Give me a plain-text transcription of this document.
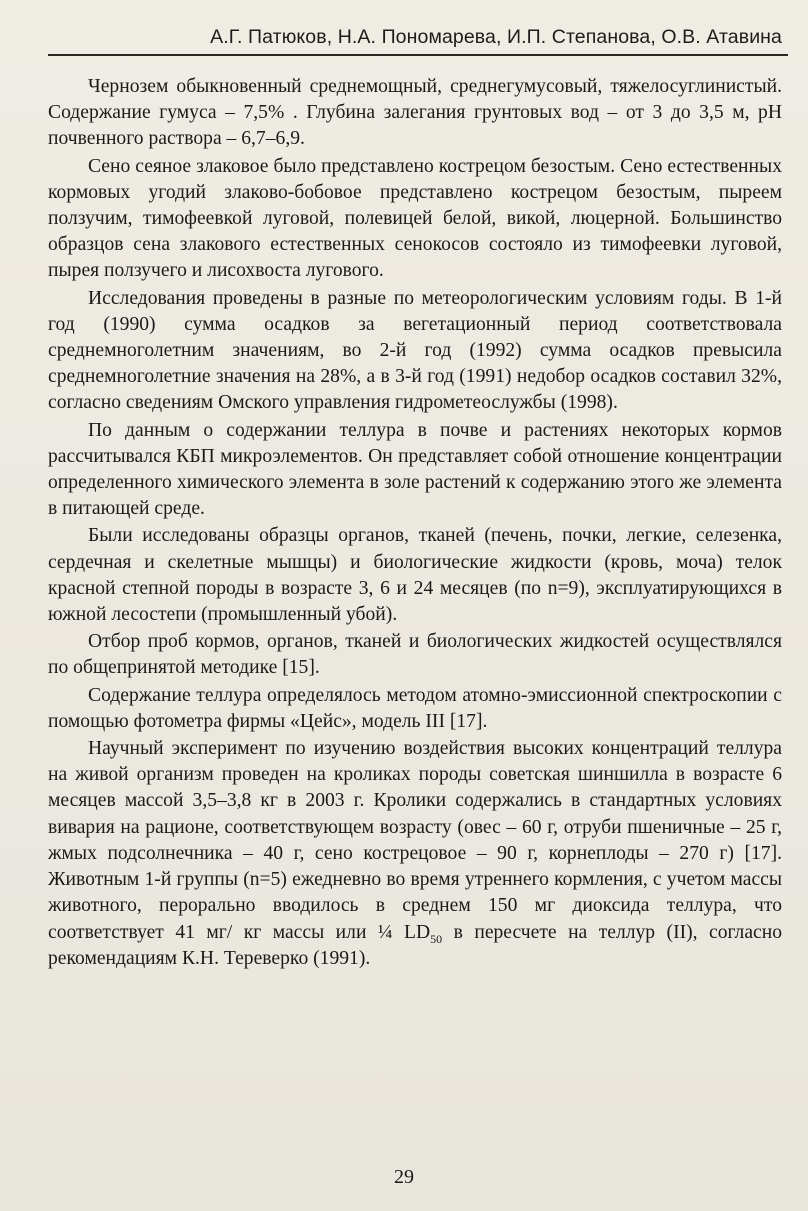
А.Г. Патюков, Н.А. Пономарева, И.П. Степанова, О.В. Атавина

Чернозем обыкновенный среднемощный, среднегумусовый, тяжелосуглинистый. Содержание гумуса – 7,5% . Глубина залегания грунтовых вод – от 3 до 3,5 м, pH почвенного раствора – 6,7–6,9.

Сено сеяное злаковое было представлено кострецом безостым. Сено естественных кормовых угодий злаково-бобовое представлено кострецом безостым, пыреем ползучим, тимофеевкой луговой, полевицей белой, викой, люцерной. Большинство образцов сена злакового естественных сенокосов состояло из тимофеевки луговой, пырея ползучего и лисохвоста лугового.

Исследования проведены в разные по метеорологическим условиям годы. В 1-й год (1990) сумма осадков за вегетационный период соответствовала среднемноголетним значениям, во 2-й год (1992) сумма осадков превысила среднемноголетние значения на 28%, а в 3-й год (1991) недобор осадков составил 32%, согласно сведениям Омского управления гидрометеослужбы (1998).

По данным о содержании теллура в почве и растениях некоторых кормов рассчитывался КБП микроэлементов. Он представляет собой отношение концентрации определенного химического элемента в золе растений к содержанию этого же элемента в питающей среде.

Были исследованы образцы органов, тканей (печень, почки, легкие, селезенка, сердечная и скелетные мышцы) и биологические жидкости (кровь, моча) телок красной степной породы в возрасте 3, 6 и 24 месяцев (по n=9), эксплуатирующихся в южной лесостепи (промышленный убой).

Отбор проб кормов, органов, тканей и биологических жидкостей осуществлялся по общепринятой методике [15].

Содержание теллура определялось методом атомно-эмиссионной спектроскопии с помощью фотометра фирмы «Цейс», модель III [17].

Научный эксперимент по изучению воздействия высоких концентраций теллура на живой организм проведен на кроликах породы советская шиншилла в возрасте 6 месяцев массой 3,5–3,8 кг в 2003 г. Кролики содержались в стандартных условиях вивария на рационе, соответствующем возрасту (овес – 60 г, отруби пшеничные – 25 г, жмых подсолнечника – 40 г, сено кострецовое – 90 г, корнеплоды – 270 г) [17]. Животным 1-й группы (n=5) ежедневно во время утреннего кормления, с учетом массы животного, перорально вводилось в среднем 150 мг диоксида теллура, что соответствует 41 мг/ кг массы или ¼ $LD_{50}$ в пересчете на теллур (II), согласно рекомендациям К.Н. Тереверко (1991).

29
